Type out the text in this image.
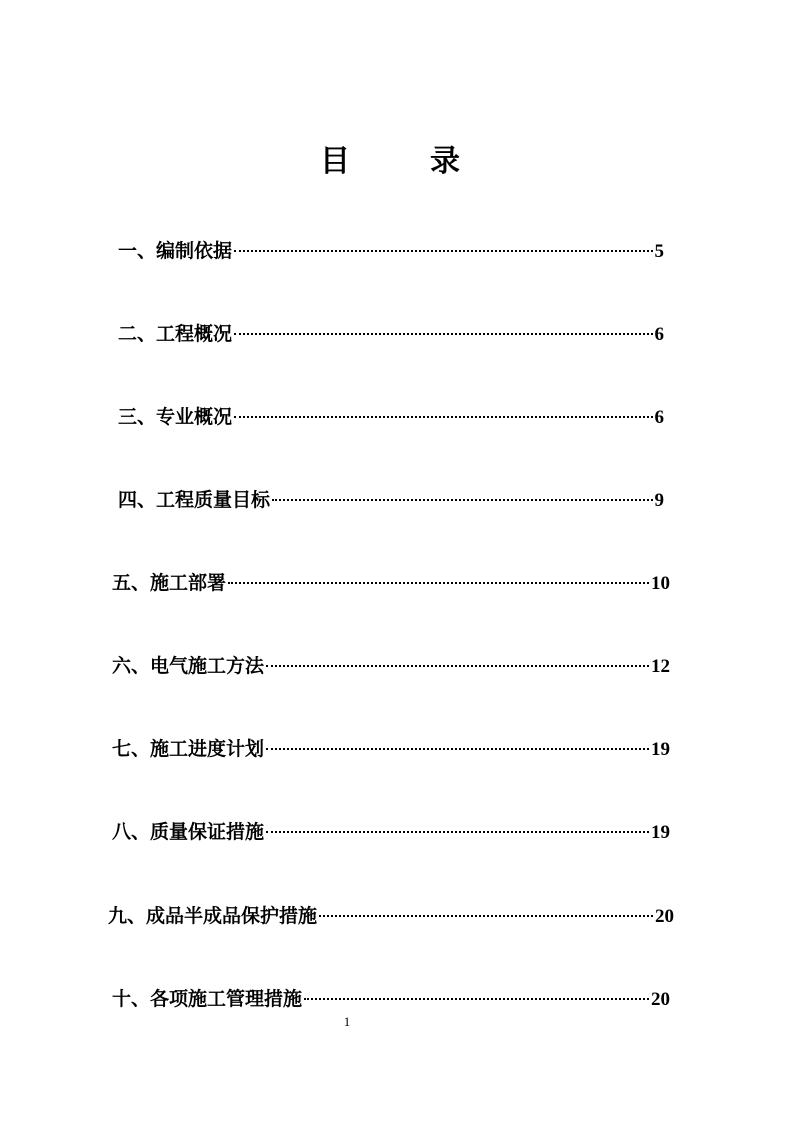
目	录
一、编制依据	5
二、工程概况	6
三、专业概况	6
四、工程质量目标	9
五、施工部署	10
六、电气施工方法	12
七、施工进度计划	19
八、质量保证措施	19
九、成品半成品保护措施	20
十、各项施工管理措施	20
1
